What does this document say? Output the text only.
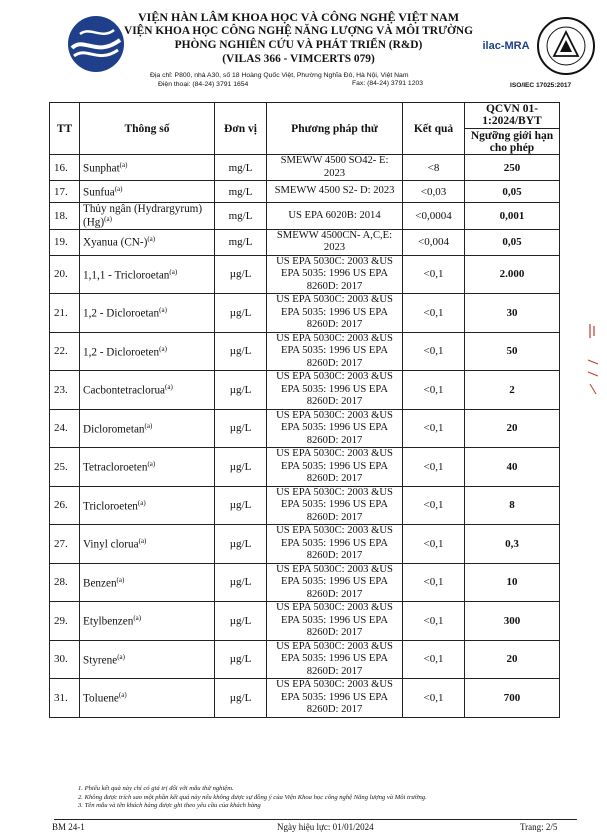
VIỆN HÀN LÂM KHOA HỌC VÀ CÔNG NGHỆ VIỆT NAM
VIỆN KHOA HỌC CÔNG NGHỆ NĂNG LƯỢNG VÀ MÔI TRƯỜNG
PHÒNG NGHIÊN CỨU VÀ PHÁT TRIỂN (R&D)
(VILAS 366 - VIMCERTS 079)
Địa chỉ: P800, nhà A30, số 18 Hoàng Quốc Việt, Phường Nghĩa Đô, Hà Nội, Việt Nam
Điện thoại: (84-24) 3791 1654	Fax: (84-24) 3791 1203
ilac-MRA
ISO/IEC 17025:2017
TT	Thông số	Đơn vị	Phương pháp thử	Kết quả	QCVN 01-1:2024/BYT
Ngưỡng giới hạn cho phép

16.	Sunphat$^{(a)}$	mg/L	SMEWW 4500 SO42- E: 2023	<8	250
17.	Sunfua$^{(a)}$	mg/L	SMEWW 4500 S2- D: 2023	<0,03	0,05
18.	Thủy ngân (Hydrargyrum) $(Hg)^{(a)}$	mg/L	US EPA 6020B: 2014	<0,0004	0,001
19.	Xyanua $(CN-)^{(a)}$	mg/L	SMEWW 4500CN- A,C,E: 2023	<0,004	0,05
20.	1,1,1 - Tricloroetan$^{(a)}$	µg/L	US EPA 5030C: 2003 &US EPA 5035: 1996 US EPA 8260D: 2017	<0,1	2.000
21.	1,2 - Dicloroetan$^{(a)}$	µg/L	US EPA 5030C: 2003 &US EPA 5035: 1996 US EPA 8260D: 2017	<0,1	30
22.	1,2 - Dicloroeten$^{(a)}$	µg/L	US EPA 5030C: 2003 &US EPA 5035: 1996 US EPA 8260D: 2017	<0,1	50
23.	Cacbontetraclorua$^{(a)}$	µg/L	US EPA 5030C: 2003 &US EPA 5035: 1996 US EPA 8260D: 2017	<0,1	2
24.	Diclorometan$^{(a)}$	µg/L	US EPA 5030C: 2003 &US EPA 5035: 1996 US EPA 8260D: 2017	<0,1	20
25.	Tetracloroeten$^{(a)}$	µg/L	US EPA 5030C: 2003 &US EPA 5035: 1996 US EPA 8260D: 2017	<0,1	40
26.	Tricloroeten$^{(a)}$	µg/L	US EPA 5030C: 2003 &US EPA 5035: 1996 US EPA 8260D: 2017	<0,1	8
27.	Vinyl clorua$^{(a)}$	µg/L	US EPA 5030C: 2003 &US EPA 5035: 1996 US EPA 8260D: 2017	<0,1	0,3
28.	Benzen$^{(a)}$	µg/L	US EPA 5030C: 2003 &US EPA 5035: 1996 US EPA 8260D: 2017	<0,1	10
29.	Etylbenzen$^{(a)}$	µg/L	US EPA 5030C: 2003 &US EPA 5035: 1996 US EPA 8260D: 2017	<0,1	300
30.	Styrene$^{(a)}$	µg/L	US EPA 5030C: 2003 &US EPA 5035: 1996 US EPA 8260D: 2017	<0,1	20
31.	Toluene$^{(a)}$	µg/L	US EPA 5030C: 2003 &US EPA 5035: 1996 US EPA 8260D: 2017	<0,1	700
1. Phiếu kết quả này chỉ có giá trị đối với mẫu thử nghiệm.
2. Không được trích sao một phần kết quả này nếu không được sự đồng ý của Viện Khoa học công nghệ Năng lượng và Môi trường.
3. Tên mẫu và tên khách hàng được ghi theo yêu cầu của khách hàng
BM 24-1	Ngày hiệu lực: 01/01/2024	Trang: 2/5
